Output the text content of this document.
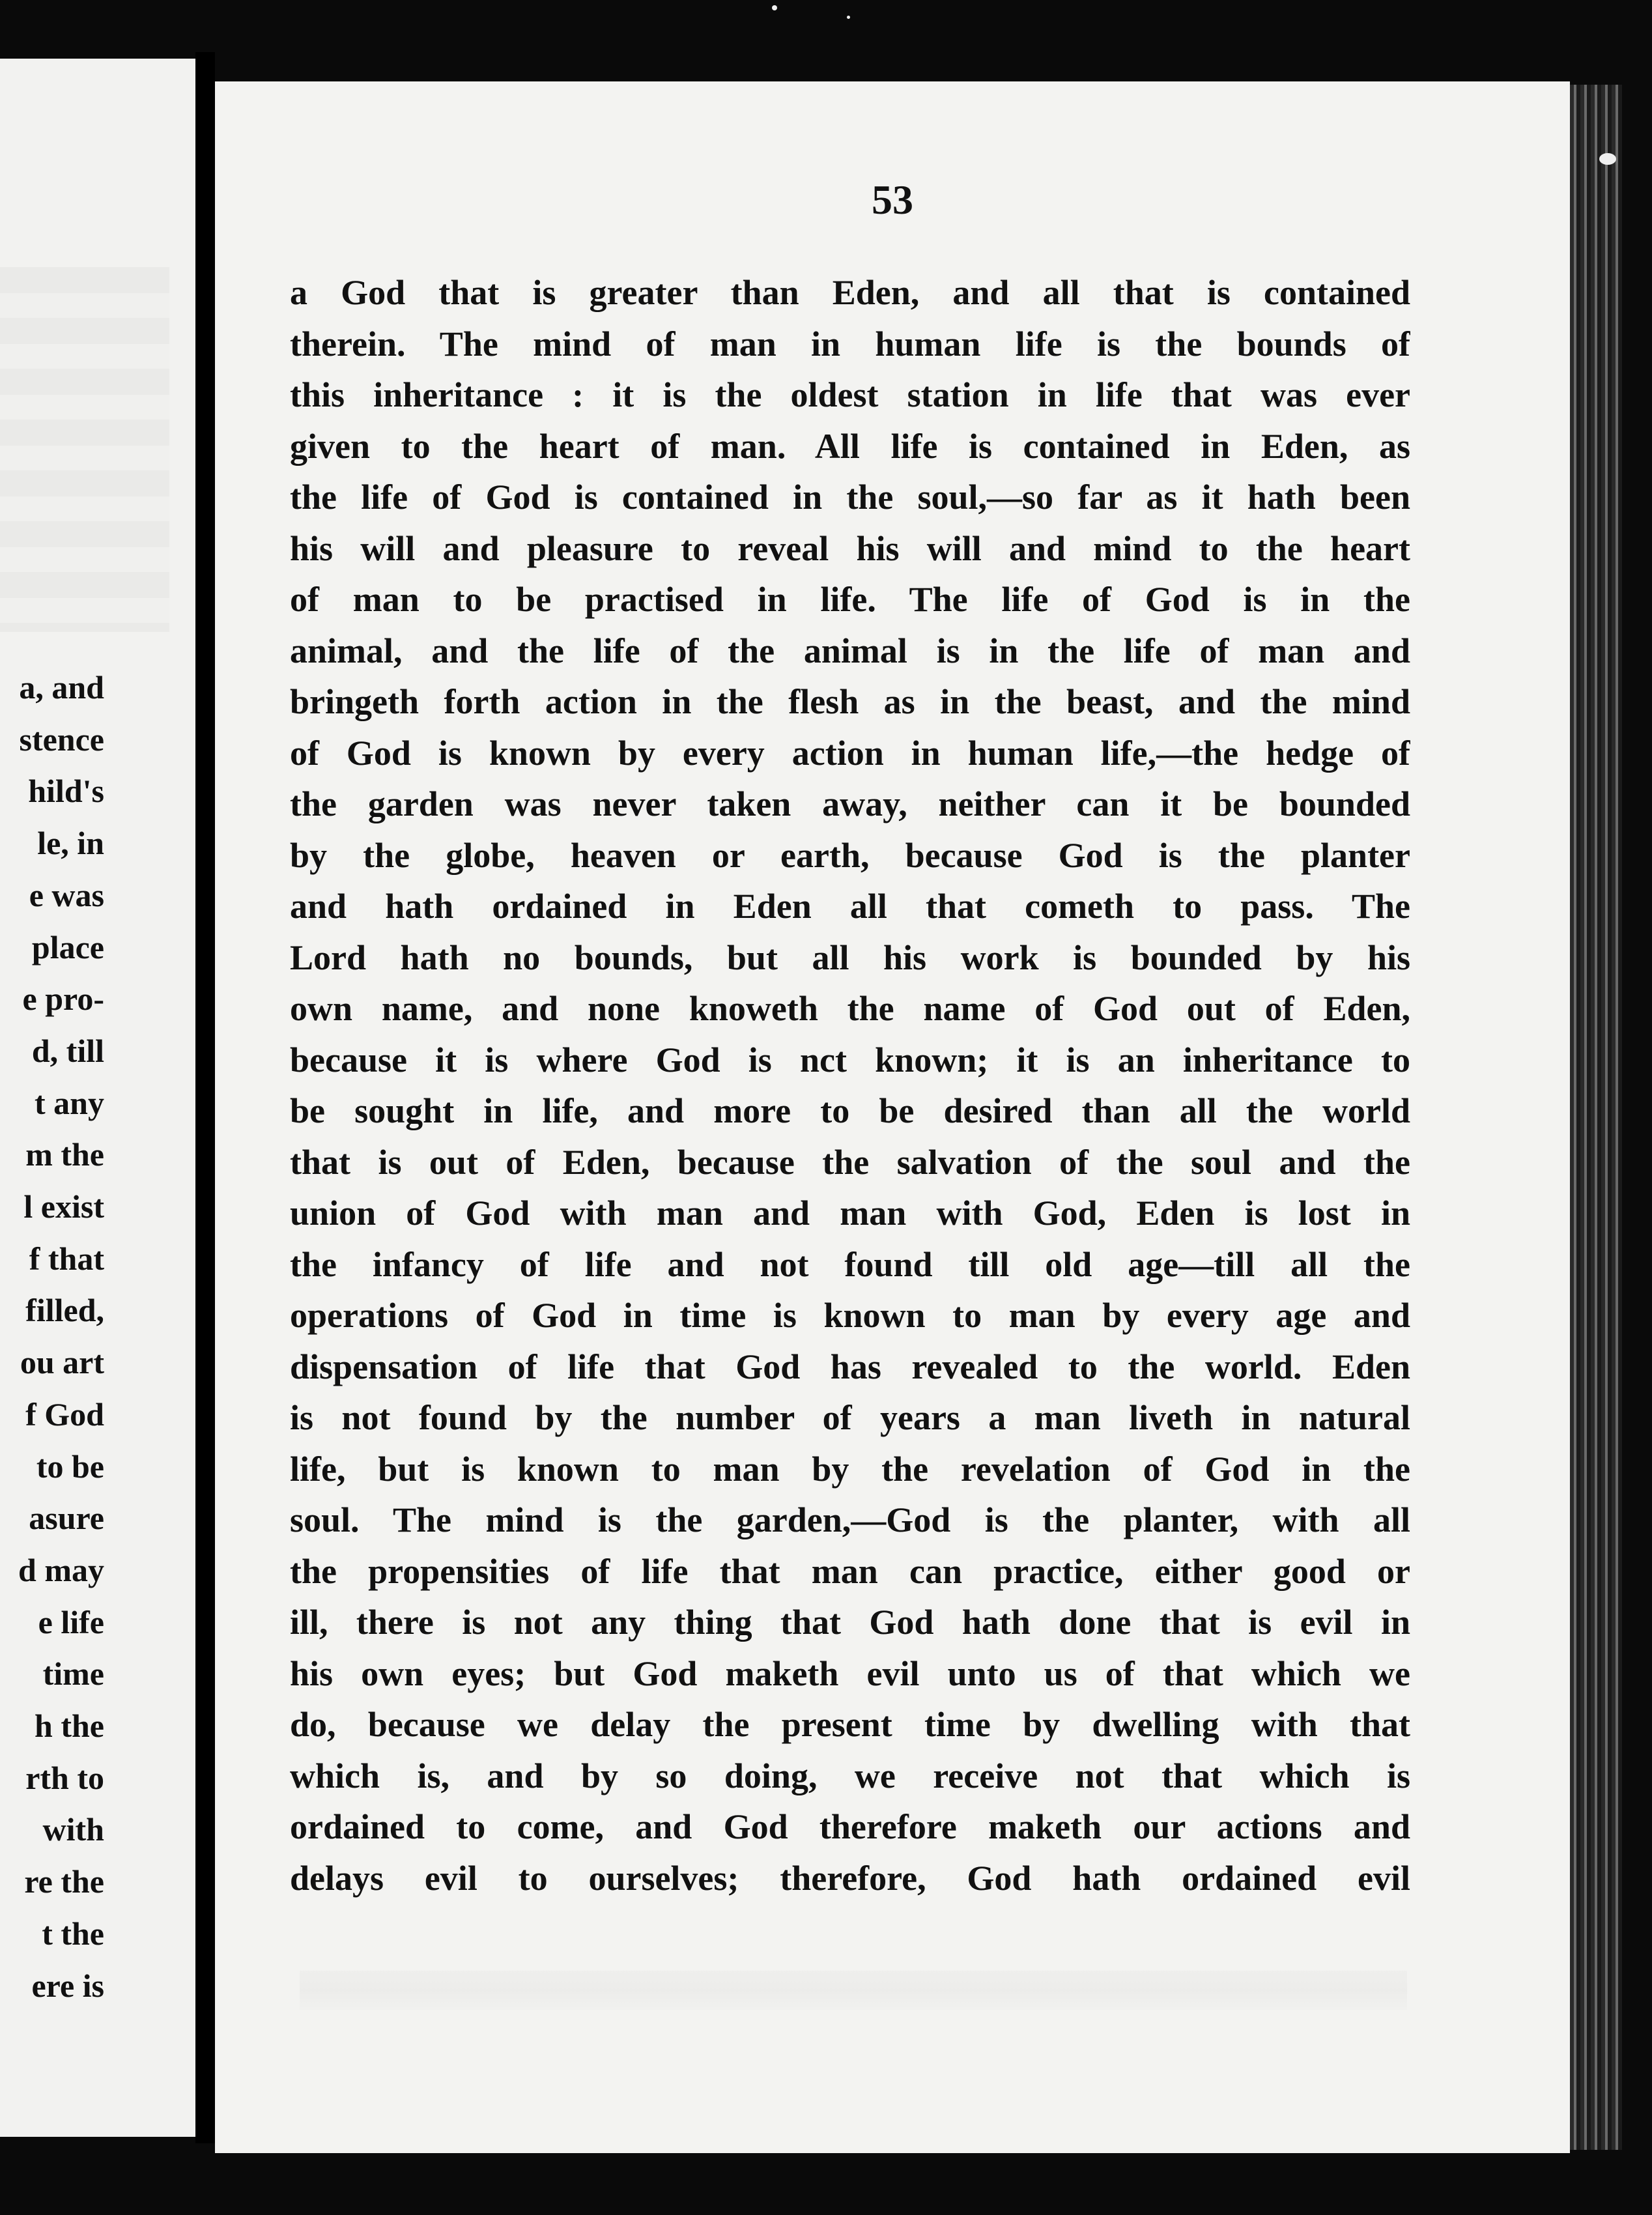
a, and
stence
hild's
le, in
e was
place
e pro-
d, till
t any
m the
l exist
f that
filled,
ou art
f God
to be
asure
d may
e life
time
h the
rth to
with
re the
t the
ere is
53
a God that is greater than Eden, and all that is contained
therein. The mind of man in human life is the bounds of
this inheritance : it is the oldest station in life that was ever
given to the heart of man. All life is contained in Eden, as
the life of God is contained in the soul,—so far as it hath been
his will and pleasure to reveal his will and mind to the heart
of man to be practised in life. The life of God is in the
animal, and the life of the animal is in the life of man and
bringeth forth action in the flesh as in the beast, and the mind
of God is known by every action in human life,—the hedge of
the garden was never taken away, neither can it be bounded
by the globe, heaven or earth, because God is the planter
and hath ordained in Eden all that cometh to pass. The
Lord hath no bounds, but all his work is bounded by his
own name, and none knoweth the name of God out of Eden,
because it is where God is nct known; it is an inheritance to
be sought in life, and more to be desired than all the world
that is out of Eden, because the salvation of the soul and the
union of God with man and man with God, Eden is lost in
the infancy of life and not found till old age—till all the
operations of God in time is known to man by every age and
dispensation of life that God has revealed to the world. Eden
is not found by the number of years a man liveth in natural
life, but is known to man by the revelation of God in the
soul. The mind is the garden,—God is the planter, with all
the propensities of life that man can practice, either good or
ill, there is not any thing that God hath done that is evil in
his own eyes; but God maketh evil unto us of that which we
do, because we delay the present time by dwelling with that
which is, and by so doing, we receive not that which is
ordained to come, and God therefore maketh our actions and
delays evil to ourselves; therefore, God hath ordained evil
